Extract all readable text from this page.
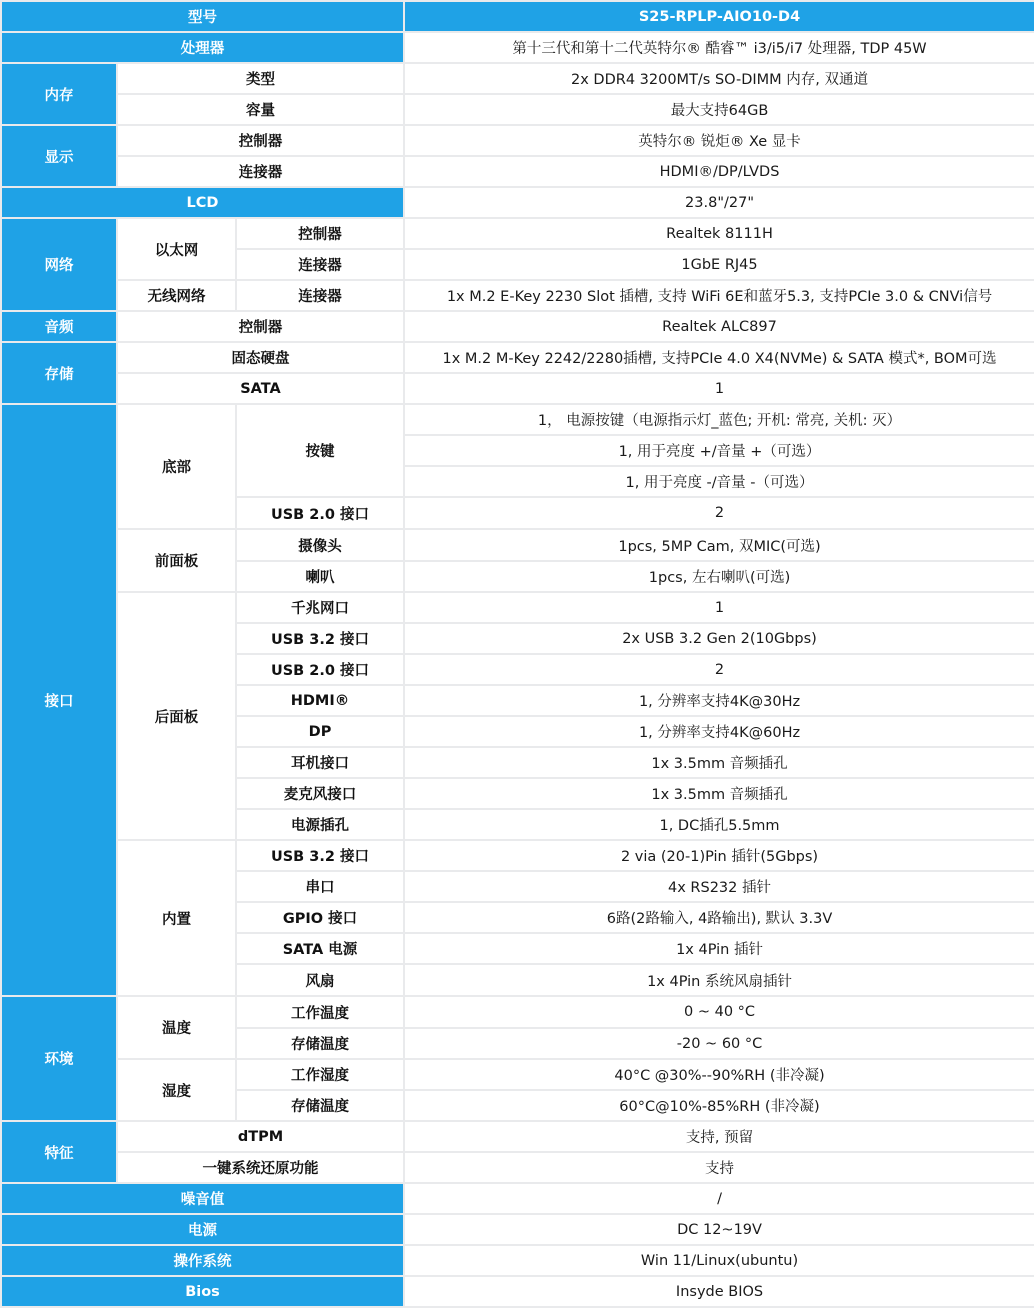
型号			S25-RPLP-AIO10-D4
处理器			第十三代和第十二代英特尔® 酷睿™ i3/i5/i7 处理器, TDP 45W
内存	类型		2x DDR4 3200MT/s SO-DIMM 内存, 双通道
	容量		最大支持64GB
显示	控制器		英特尔® 锐炬® Xe 显卡
	连接器		HDMI®/DP/LVDS
LCD			23.8"/27"
网络	以太网	控制器	Realtek 8111H
		连接器	1GbE RJ45
	无线网络	连接器	1x M.2 E-Key 2230 Slot 插槽, 支持 WiFi 6E和蓝牙5.3, 支持PCIe 3.0 & CNVi信号
音频	控制器		Realtek ALC897
存储	固态硬盘		1x M.2 M-Key 2242/2280插槽, 支持PCIe 4.0 X4(NVMe) & SATA 模式*, BOM可选
	SATA		1
接口	底部	按键	1， 电源按键（电源指示灯_蓝色; 开机: 常亮, 关机: 灭）
			1, 用于亮度 +/音量 +（可选）
			1, 用于亮度 -/音量 -（可选）
		USB 2.0 接口	2
	前面板	摄像头	1pcs, 5MP Cam, 双MIC(可选)
		喇叭	1pcs, 左右喇叭(可选)
	后面板	千兆网口	1
		USB 3.2 接口	2x USB 3.2 Gen 2(10Gbps)
		USB 2.0 接口	2
		HDMI®	1, 分辨率支持4K@30Hz
		DP	1, 分辨率支持4K@60Hz
		耳机接口	1x 3.5mm 音频插孔
		麦克风接口	1x 3.5mm 音频插孔
		电源插孔	1, DC插孔5.5mm
	内置	USB 3.2 接口	2 via (20-1)Pin 插针(5Gbps)
		串口	4x RS232 插针
		GPIO 接口	6路(2路输入, 4路输出), 默认 3.3V
		SATA 电源	1x 4Pin 插针
		风扇	1x 4Pin 系统风扇插针
环境	温度	工作温度	0 ~ 40 °C
		存储温度	-20 ~ 60 °C
	湿度	工作湿度	40°C @30%--90%RH (非冷凝)
		存储温度	60°C@10%-85%RH (非冷凝)
特征	dTPM		支持, 预留
	一键系统还原功能		支持
噪音值			/
电源			DC 12~19V
操作系统			Win 11/Linux(ubuntu)
Bios			Insyde BIOS
